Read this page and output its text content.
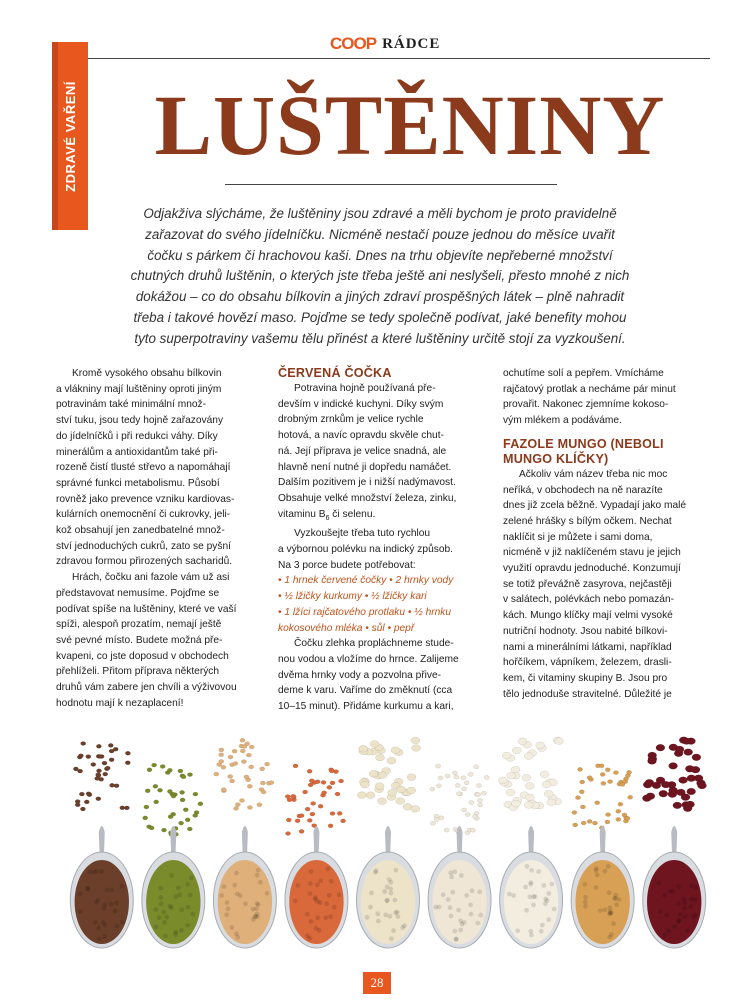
COOP RÁDCE
ZDRAVÉ VAŘENÍ LUŠTĚNINY
Odjakživa slýcháme, že luštěniny jsou zdravé a měli bychom je proto pravidelně
zařazovat do svého jídelníčku. Nicméně nestačí pouze jednou do měsíce uvařit
čočku s párkem či hrachovou kaši. Dnes na trhu objevíte nepřeberné množství
chutných druhů luštěnin, o kterých jste třeba ještě ani neslyšeli, přesto mnohé z nich
dokážou – co do obsahu bílkovin a jiných zdraví prospěšných látek – plně nahradit
třeba i takové hovězí maso. Pojďme se tedy společně podívat, jaké benefity mohou
tyto superpotraviny vašemu tělu přinést a které luštěniny určitě stojí za vyzkoušení.

Kromě vysokého obsahu bílkovin

a vlákniny mají luštěniny oproti jiným

potravinám také minimální množ-

ství tuku, jsou tedy hojně zařazovány

do jídelníčků i při redukci váhy. Díky

minerálům a antioxidantům také při-

rozeně čistí tlusté střevo a napomáhají

správné funkci metabolismu. Působí

rovněž jako prevence vzniku kardiovas-

kulárních onemocnění či cukrovky, jeli-

kož obsahují jen zanedbatelné množ-

ství jednoduchých cukrů, zato se pyšní

zdravou formou přirozených sacharidů.

Hrách, čočku ani fazole vám už asi

představovat nemusíme. Pojďme se

podívat spíše na luštěniny, které ve vaší

spíži, alespoň prozatím, nemají ještě

své pevné místo. Budete možná pře-

kvapeni, co jste doposud v obchodech

přehlíželi. Přitom příprava některých

druhů vám zabere jen chvíli a výživovou

hodnotu mají k nezaplacení!

ČERVENÁ ČOČKA

Potravina hojně používaná pře-

devším v indické kuchyni. Díky svým

drobným zrnkům je velice rychle

hotová, a navíc opravdu skvěle chut-

ná. Její příprava je velice snadná, ale

hlavně není nutné ji dopředu namáčet.

Dalším pozitivem je i nižší nadýmavost.

Obsahuje velké množství železa, zinku,

vitaminu $B_6$ či selenu.

Vyzkoušejte třeba tuto rychlou

a výbornou polévku na indický způsob.

Na 3 porce budete potřebovat:

• 1 hrnek červené čočky • 2 hrnky vody

• ½ lžičky kurkumy • ½ lžičky kari

• 1 lžíci rajčatového protlaku • ½ hrnku

kokosového mléka • sůl • pepř

Čočku zlehka propláchneme stude-

nou vodou a vložíme do hrnce. Zalijeme

dvěma hrnky vody a pozvolna přive-

deme k varu. Vaříme do změknutí (cca

10–15 minut). Přidáme kurkumu a kari,

ochutíme solí a pepřem. Vmícháme

rajčatový protlak a necháme pár minut

provařit. Nakonec zjemníme kokoso-

vým mlékem a podáváme.

FAZOLE MUNGO (NEBOLI

MUNGO KLÍČKY)

Ačkoliv vám název třeba nic moc

neříká, v obchodech na ně narazíte

dnes již zcela běžně. Vypadají jako malé

zelené hrášky s bílým očkem. Nechat

naklíčit si je můžete i sami doma,

nicméně v již naklíčeném stavu je jejich

využití opravdu jednoduché. Konzumují

se totiž převážně zasyrova, nejčastěji

v salátech, polévkách nebo pomazán-

kách. Mungo klíčky mají velmi vysoké

nutriční hodnoty. Jsou nabité bílkovi-

nami a minerálními látkami, například

hořčíkem, vápníkem, železem, drasli-

kem, či vitaminy skupiny B. Jsou pro

tělo jednoduše stravitelné. Důležité je

28
